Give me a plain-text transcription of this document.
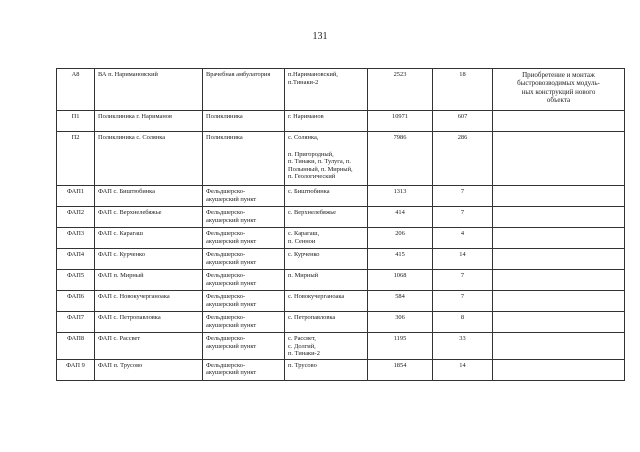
131
А8	ВА п. Наримановский	Врачебная амбулатория	п.Наримановский,
п.Тинаки-2	2523	18	Приобретение и монтаж
быстровозводимых модуль-
ных конструкций нового
объекта

П1	Поликлиника г. Нариманов	Поликлиника	г. Нариманов	10971	607	
П2	Поликлиника с. Солянка	Поликлиника	с. Солянка,
п. Пригородный,
п. Тинаки, п. Тулуга, п.
Полынный, п. Мирный,
п. Геологический	7986	286	
ФАП1	ФАП с. Биштюбинка	Фельдшерско-
акушерский пункт	с. Биштюбинка	1313	7	
ФАП2	ФАП с. Верхнелебяжье	Фельдшерско-
акушерский пункт	с. Верхнелебяжье	414	7	
ФАП3	ФАП с. Карагаш	Фельдшерско-
акушерский пункт	с. Карагаш,
п. Сеннои	206	4	
ФАП4	ФАП с. Курченко	Фельдшерско-
акушерский пункт	с. Курченко	415	14	
ФАП5	ФАП п. Мирный	Фельдшерско-
акушерский пункт	п. Мирный	1068	7	
ФАП6	ФАП с. Новокучерганоака	Фельдшерско-
акушерский пункт	с. Новокучерганоака	584	7	
ФАП7	ФАП с. Петропавловка	Фельдшерско-
акушерский пункт	с. Петропавловка	306	8	
ФАП8	ФАП с. Рассвет	Фельдшерско-
акушерский пункт	с. Рассвет,
с. Долгий,
п. Тинаки-2	1195	33	
ФАП 9	ФАП п. Трусово	Фельдшерско-
акушерский пункт	п. Трусово	1854	14	
